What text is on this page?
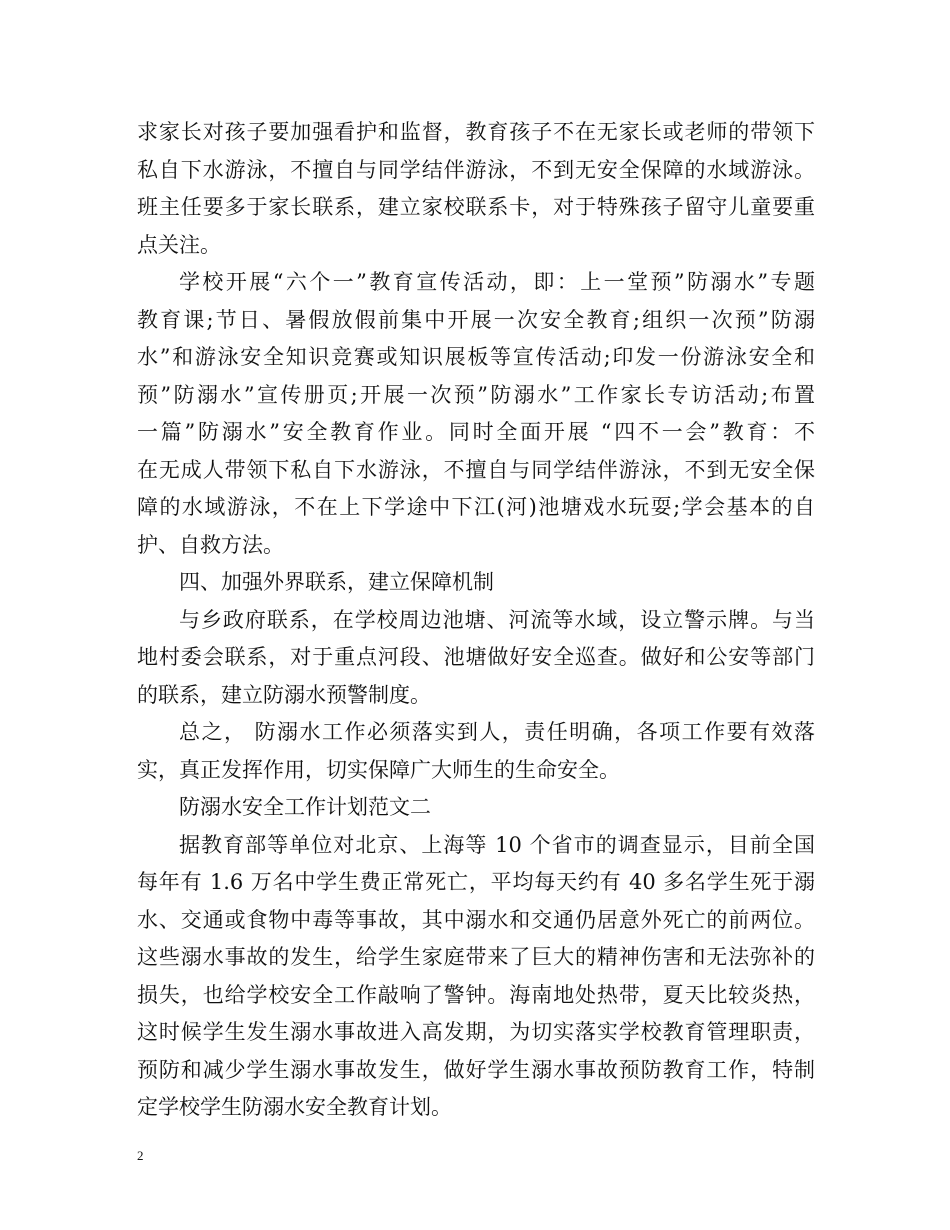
求家长对孩子要加强看护和监督，教育孩子不在无家长或老师的带领下
私自下水游泳，不擅自与同学结伴游泳，不到无安全保障的水域游泳。
班主任要多于家长联系，建立家校联系卡，对于特殊孩子留守儿童要重
点关注。
学校开展“六个一”教育宣传活动，即：上一堂预”防溺水”专题
教育课;节日、暑假放假前集中开展一次安全教育;组织一次预”防溺
水”和游泳安全知识竞赛或知识展板等宣传活动;印发一份游泳安全和
预”防溺水”宣传册页;开展一次预”防溺水”工作家长专访活动;布置
一篇”防溺水”安全教育作业。同时全面开展 “四不一会”教育：不
在无成人带领下私自下水游泳，不擅自与同学结伴游泳，不到无安全保
障的水域游泳，不在上下学途中下江(河)池塘戏水玩耍;学会基本的自
护、自救方法。
四、加强外界联系，建立保障机制
与乡政府联系，在学校周边池塘、河流等水域，设立警示牌。与当
地村委会联系，对于重点河段、池塘做好安全巡查。做好和公安等部门
的联系，建立防溺水预警制度。
总之， 防溺水工作必须落实到人，责任明确，各项工作要有效落
实，真正发挥作用，切实保障广大师生的生命安全。
防溺水安全工作计划范文二
据教育部等单位对北京、上海等 10 个省市的调查显示，目前全国
每年有 1.6 万名中学生费正常死亡，平均每天约有 40 多名学生死于溺
水、交通或食物中毒等事故，其中溺水和交通仍居意外死亡的前两位。
这些溺水事故的发生，给学生家庭带来了巨大的精神伤害和无法弥补的
损失，也给学校安全工作敲响了警钟。海南地处热带，夏天比较炎热，
这时候学生发生溺水事故进入高发期，为切实落实学校教育管理职责，
预防和减少学生溺水事故发生，做好学生溺水事故预防教育工作，特制
定学校学生防溺水安全教育计划。
2
